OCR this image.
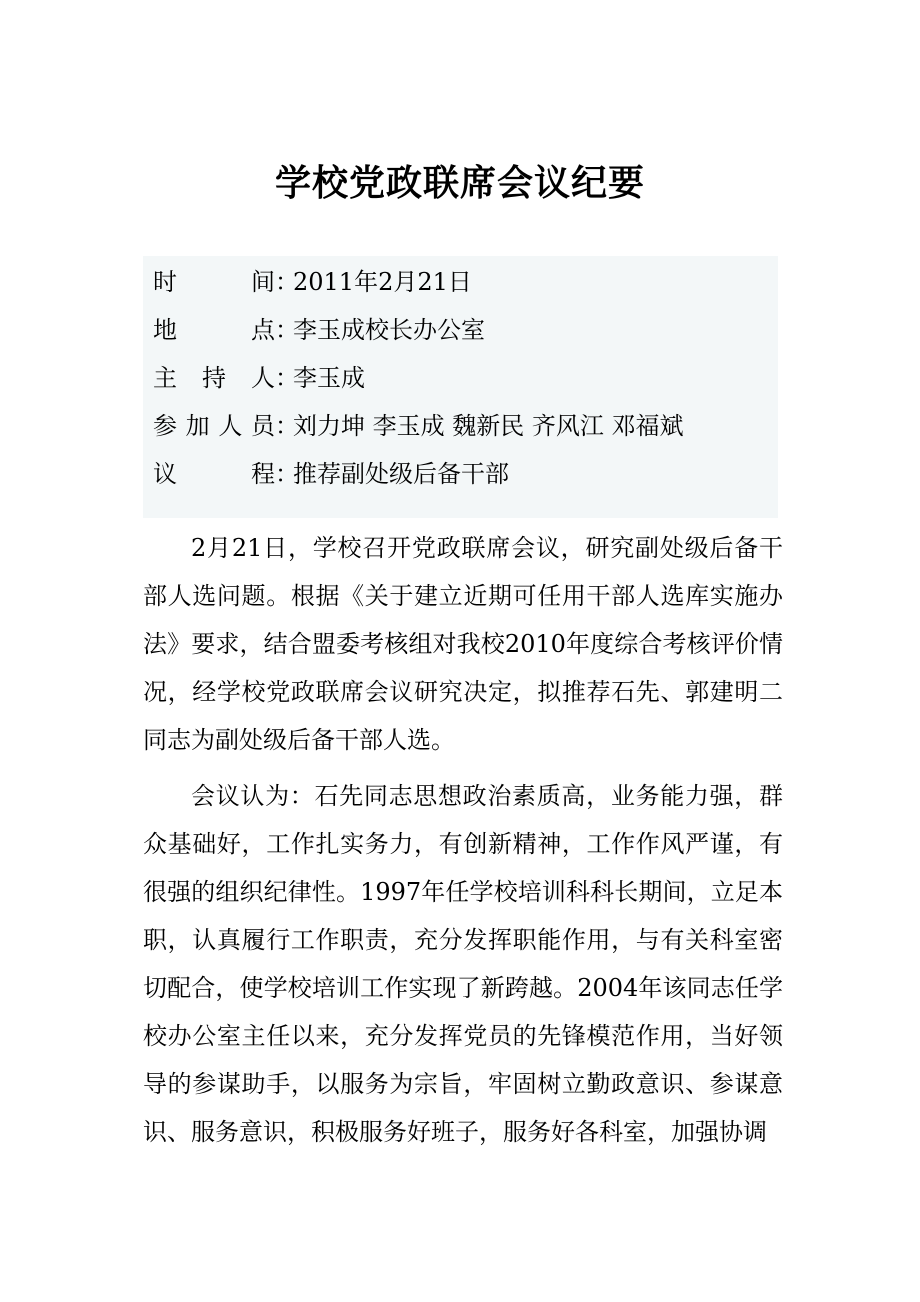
学校党政联席会议纪要
时间：2011年2月21日
地点：李玉成校长办公室
主持人：李玉成
参加人员：刘力坤 李玉成 魏新民 齐风江 邓福斌
议程：推荐副处级后备干部

2月21日，学校召开党政联席会议，研究副处级后备干部人选问题。根据《关于建立近期可任用干部人选库实施办法》要求，结合盟委考核组对我校2010年度综合考核评价情况，经学校党政联席会议研究决定，拟推荐石先、郭建明二同志为副处级后备干部人选。

会议认为：石先同志思想政治素质高，业务能力强，群众基础好，工作扎实务力，有创新精神，工作作风严谨，有很强的组织纪律性。1997年任学校培训科科长期间，立足本职，认真履行工作职责，充分发挥职能作用，与有关科室密切配合，使学校培训工作实现了新跨越。2004年该同志任学校办公室主任以来，充分发挥党员的先锋模范作用，当好领导的参谋助手，以服务为宗旨，牢固树立勤政意识、参谋意识、服务意识，积极服务好班子，服务好各科室，加强协调
